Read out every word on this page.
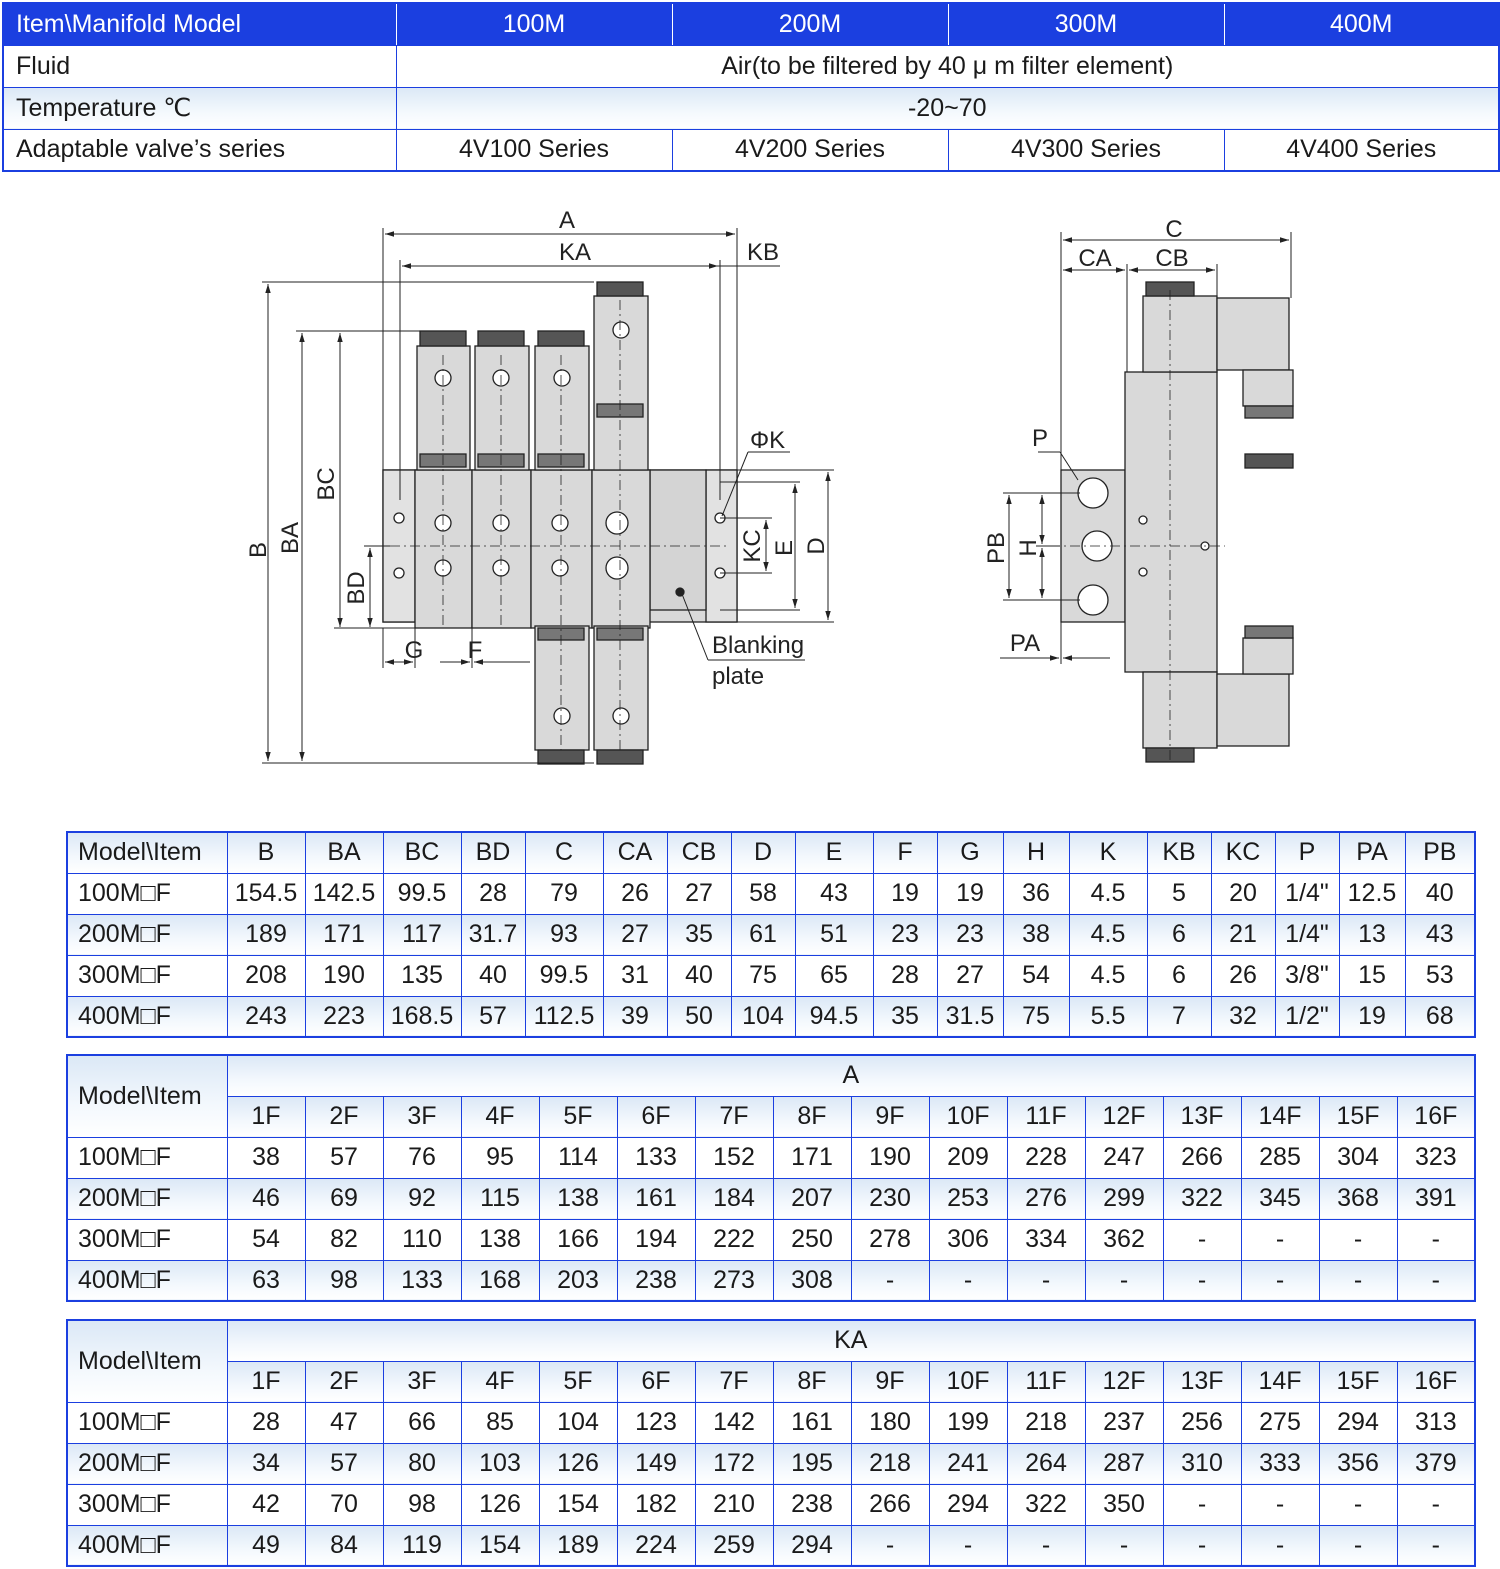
Item\Manifold Model	100M	200M	300M	400M
Fluid	Air(to be filtered by 40 μ m filter element)			
Temperature ℃	-20~70			
Adaptable valve’s series	4V100 Series	4V200 Series	4V300 Series	4V400 Series
A
KA	KB
ΦK
B BA
BC
BD
KC E D
G F	Blanking
plate
C
CA CB
P
PB H
PA
Model\Item	B	BA	BC	BD	C	CA	CB	D	E	F	G	H	K	KB	KC	P	PA	PB
100M□F	154.5	142.5	99.5	28	79	26	27	58	43	19	19	36	4.5	5	20	1/4"	12.5	40
200M□F	189	171	117	31.7	93	27	35	61	51	23	23	38	4.5	6	21	1/4"	13	43
300M□F	208	190	135	40	99.5	31	40	75	65	28	27	54	4.5	6	26	3/8"	15	53
400M□F	243	223	168.5	57	112.5	39	50	104	94.5	35	31.5	75	5.5	7	32	1/2"	19	68
Model\Item	A															
	1F	2F	3F	4F	5F	6F	7F	8F	9F	10F	11F	12F	13F	14F	15F	16F
100M□F	38	57	76	95	114	133	152	171	190	209	228	247	266	285	304	323
200M□F	46	69	92	115	138	161	184	207	230	253	276	299	322	345	368	391
300M□F	54	82	110	138	166	194	222	250	278	306	334	362	-	-	-	-
400M□F	63	98	133	168	203	238	273	308	-	-	-	-	-	-	-	-
Model\Item	KA															
	1F	2F	3F	4F	5F	6F	7F	8F	9F	10F	11F	12F	13F	14F	15F	16F
100M□F	28	47	66	85	104	123	142	161	180	199	218	237	256	275	294	313
200M□F	34	57	80	103	126	149	172	195	218	241	264	287	310	333	356	379
300M□F	42	70	98	126	154	182	210	238	266	294	322	350	-	-	-	-
400M□F	49	84	119	154	189	224	259	294	-	-	-	-	-	-	-	-
